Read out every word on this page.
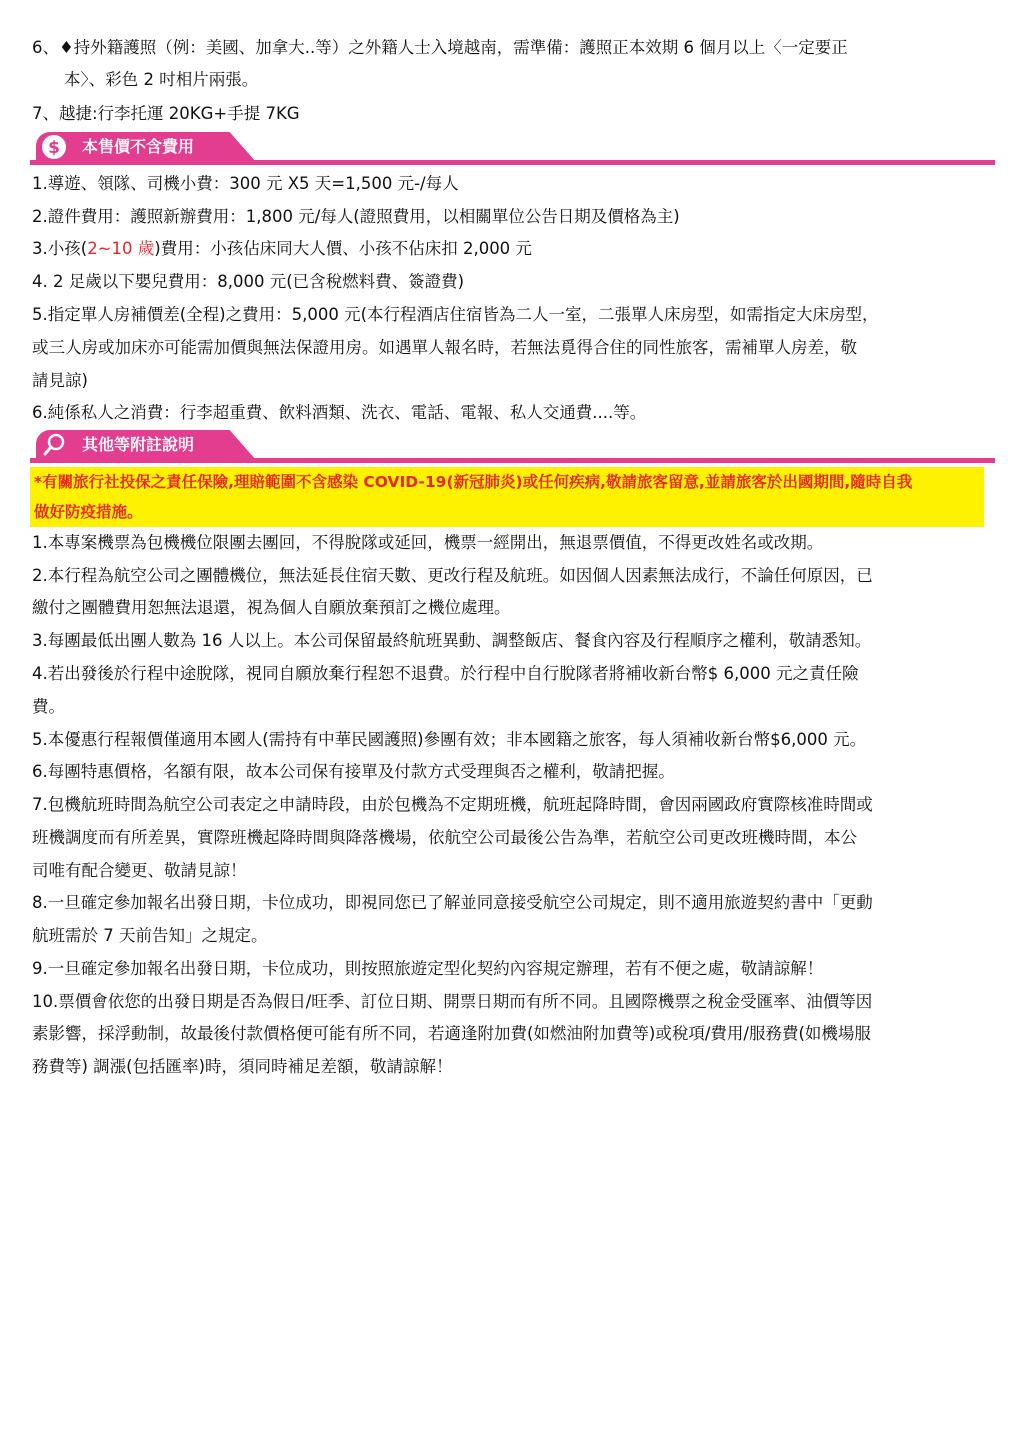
6、♦持外籍護照（例：美國、加拿大..等）之外籍人士入境越南，需準備：護照正本效期 6 個月以上〈一定要正
本〉、彩色 2 吋相片兩張。
7、越捷:行李托運 20KG+手提 7KG
$ 本售價不含費用
1.導遊、領隊、司機小費：300 元 X5 天=1,500 元-/每人
2.證件費用：護照新辦費用：1,800 元/每人(證照費用，以相關單位公告日期及價格為主)
3.小孩(2~10 歲)費用：小孩佔床同大人價、小孩不佔床扣 2,000 元
4. 2 足歲以下嬰兒費用：8,000 元(已含稅燃料費、簽證費)
5.指定單人房補價差(全程)之費用：5,000 元(本行程酒店住宿皆為二人一室，二張單人床房型，如需指定大床房型，
或三人房或加床亦可能需加價與無法保證用房。如遇單人報名時，若無法覓得合住的同性旅客，需補單人房差，敬
請見諒)
6.純係私人之消費：行李超重費、飲料酒類、洗衣、電話、電報、私人交通費....等。
其他等附註說明
*有關旅行社投保之責任保險,理賠範圍不含感染 COVID-19(新冠肺炎)或任何疾病,敬請旅客留意,並請旅客於出國期間,隨時自我
做好防疫措施。
1.本專案機票為包機機位限團去團回，不得脫隊或延回，機票一經開出，無退票價值，不得更改姓名或改期。
2.本行程為航空公司之團體機位，無法延長住宿天數、更改行程及航班。如因個人因素無法成行，不論任何原因，已
繳付之團體費用恕無法退還，視為個人自願放棄預訂之機位處理。
3.每團最低出團人數為 16 人以上。本公司保留最終航班異動、調整飯店、餐食內容及行程順序之權利，敬請悉知。
4.若出發後於行程中途脫隊，視同自願放棄行程恕不退費。於行程中自行脫隊者將補收新台幣$ 6,000 元之責任險
費。
5.本優惠行程報價僅適用本國人(需持有中華民國護照)參團有效；非本國籍之旅客，每人須補收新台幣$6,000 元。
6.每團特惠價格，名額有限，故本公司保有接單及付款方式受理與否之權利，敬請把握。
7.包機航班時間為航空公司表定之申請時段，由於包機為不定期班機，航班起降時間，會因兩國政府實際核准時間或
班機調度而有所差異，實際班機起降時間與降落機場，依航空公司最後公告為準，若航空公司更改班機時間，本公
司唯有配合變更、敬請見諒！
8.一旦確定參加報名出發日期，卡位成功，即視同您已了解並同意接受航空公司規定，則不適用旅遊契約書中「更動
航班需於 7 天前告知」之規定。
9.一旦確定參加報名出發日期，卡位成功，則按照旅遊定型化契約內容規定辦理，若有不便之處，敬請諒解！
10.票價會依您的出發日期是否為假日/旺季、訂位日期、開票日期而有所不同。且國際機票之稅金受匯率、油價等因
素影響，採浮動制，故最後付款價格便可能有所不同，若適逢附加費(如燃油附加費等)或稅項/費用/服務費(如機場服
務費等) 調漲(包括匯率)時，須同時補足差額，敬請諒解！
